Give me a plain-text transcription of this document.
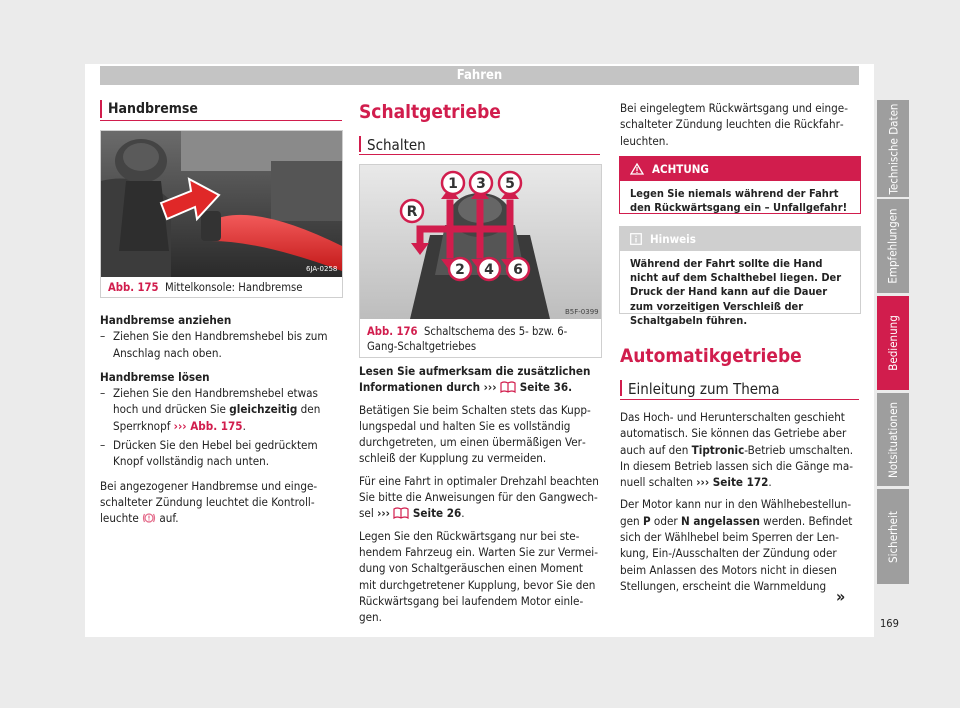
Fahren
Handbremse
6JA-0258
Abb. 175 Mittelkonsole: Handbremse

Handbremse anziehen

– Ziehen Sie den Handbremshebel bis zum Anschlag nach oben.

Handbremse lösen

– Ziehen Sie den Handbremshebel etwas hoch und drücken Sie gleichzeitig den Sperrknopf ››› Abb. 175.
– Drücken Sie den Hebel bei gedrücktem Knopf vollständig nach unten.

Bei angezogener Handbremse und eingeschalteter Zündung leuchtet die Kontrollleuchte  auf.

Schaltgetriebe
Schalten
1 3 5
R
2 4 6
B5F-0399
Abb. 176 Schaltschema des 5- bzw. 6-Gang-Schaltgetriebes

Lesen Sie aufmerksam die zusätzlichen Informationen durch ›››  Seite 36.

Betätigen Sie beim Schalten stets das Kupplungspedal und halten Sie es vollständig durchgetreten, um einen übermäßigen Verschleiß der Kupplung zu vermeiden.

Für eine Fahrt in optimaler Drehzahl beachten Sie bitte die Anweisungen für den Gangwechsel ›››  Seite 26.

Legen Sie den Rückwärtsgang nur bei stehendem Fahrzeug ein. Warten Sie zur Vermeidung von Schaltgeräuschen einen Moment mit durchgetretener Kupplung, bevor Sie den Rückwärtsgang bei laufendem Motor einlegen.

Bei eingelegtem Rückwärtsgang und eingeschalteter Zündung leuchten die Rückfahrleuchten.
ACHTUNG
Legen Sie niemals während der Fahrt den Rückwärtsgang ein – Unfallgefahr!
Hinweis
Während der Fahrt sollte die Hand nicht auf dem Schalthebel liegen. Der Druck der Hand kann auf die Dauer zum vorzeitigen Verschleiß der Schaltgabeln führen.
Automatikgetriebe
Einleitung zum Thema

Das Hoch- und Herunterschalten geschieht automatisch. Sie können das Getriebe aber auch auf den Tiptronic-Betrieb umschalten. In diesem Betrieb lassen sich die Gänge manuell schalten ››› Seite 172.

Der Motor kann nur in den Wählhebestellungen P oder N angelassen werden. Befindet sich der Wählhebel beim Sperren der Lenkung, Ein-/Ausschalten der Zündung oder beim Anlassen des Motors nicht in diesen Stellungen, erscheint die Warnmeldung

»
Technische Daten
Empfehlungen
Bedienung
Notsituationen
Sicherheit
169
